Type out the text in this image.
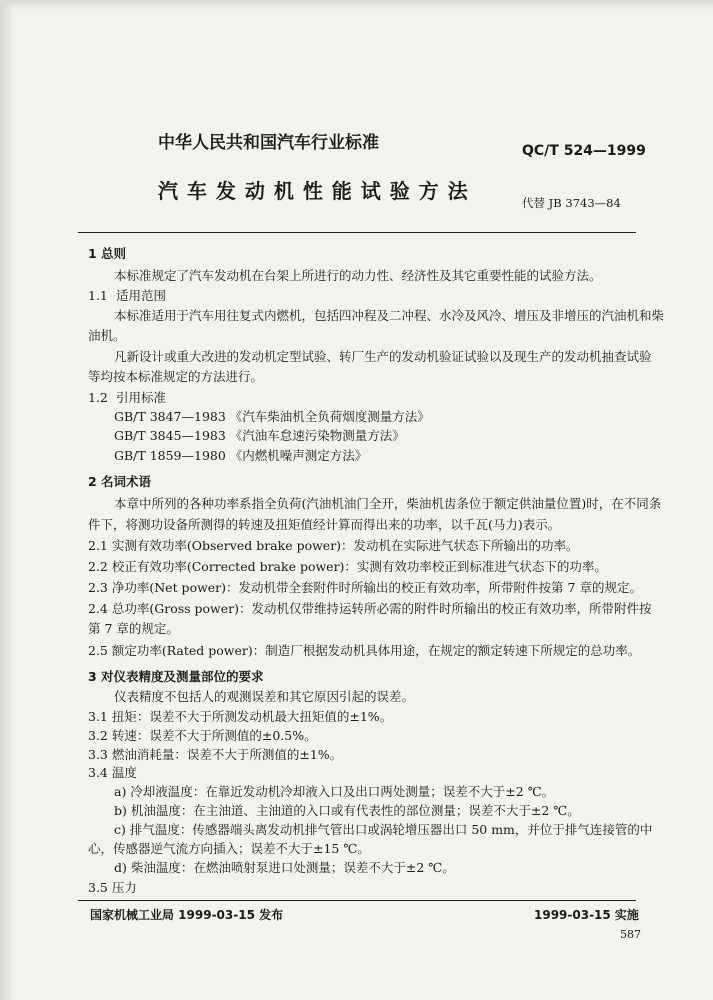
中华人民共和国汽车行业标准	QC/T 524—1999
汽 车 发 动 机 性 能 试 验 方 法	代替 JB 3743—84
1 总则
本标准规定了汽车发动机在台架上所进行的动力性、经济性及其它重要性能的试验方法。
1.1 适用范围
本标准适用于汽车用往复式内燃机，包括四冲程及二冲程、水冷及风冷、增压及非增压的汽油机和柴
油机。
凡新设计或重大改进的发动机定型试验、转厂生产的发动机验证试验以及现生产的发动机抽查试验
等均按本标准规定的方法进行。
1.2 引用标准
GB/T 3847—1983 《汽车柴油机全负荷烟度测量方法》
GB/T 3845—1983 《汽油车怠速污染物测量方法》
GB/T 1859—1980 《内燃机噪声测定方法》
2 名词术语
本章中所列的各种功率系指全负荷(汽油机油门全开，柴油机齿条位于额定供油量位置)时，在不同条
件下，将测功设备所测得的转速及扭矩值经计算而得出来的功率，以千瓦(马力)表示。
2.1 实测有效功率(Observed brake power)：发动机在实际进气状态下所输出的功率。
2.2 校正有效功率(Corrected brake power)：实测有效功率校正到标准进气状态下的功率。
2.3 净功率(Net power)：发动机带全套附件时所输出的校正有效功率，所带附件按第 7 章的规定。
2.4 总功率(Gross power)：发动机仅带维持运转所必需的附件时所输出的校正有效功率，所带附件按
第 7 章的规定。
2.5 额定功率(Rated power)：制造厂根据发动机具体用途，在规定的额定转速下所规定的总功率。
3 对仪表精度及测量部位的要求
仪表精度不包括人的观测误差和其它原因引起的误差。
3.1 扭矩：误差不大于所测发动机最大扭矩值的±1%。
3.2 转速：误差不大于所测值的±0.5%。
3.3 燃油消耗量：误差不大于所测值的±1%。
3.4 温度
a) 冷却液温度：在靠近发动机冷却液入口及出口两处测量；误差不大于±2 ℃。
b) 机油温度：在主油道、主油道的入口或有代表性的部位测量；误差不大于±2 ℃。
c) 排气温度：传感器端头离发动机排气管出口或涡轮增压器出口 50 mm，并位于排气连接管的中
心，传感器逆气流方向插入；误差不大于±15 ℃。
d) 柴油温度：在燃油喷射泵进口处测量；误差不大于±2 ℃。
3.5 压力
国家机械工业局 1999-03-15 发布	1999-03-15 实施
587
